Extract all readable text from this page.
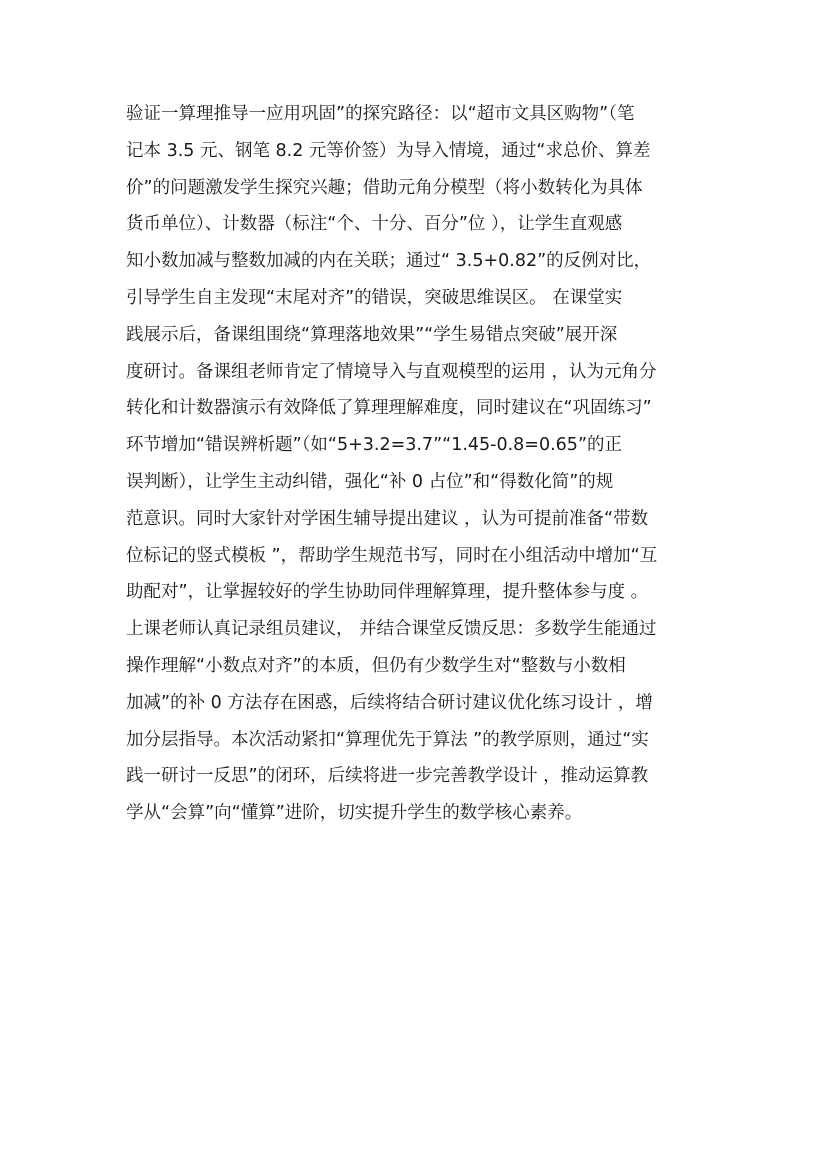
验证一算理推导一应用巩固”的探究路径：以“超市文具区购物”（笔
记本 3.5 元、钢笔 8.2 元等价签）为导入情境，通过“求总价、算差
价”的问题激发学生探究兴趣；借助元角分模型（将小数转化为具体
货币单位）、计数器（标注“个、十分、百分”位 ），让学生直观感
知小数加减与整数加减的内在关联；通过“ 3.5+0.82”的反例对比，
引导学生自主发现“末尾对齐”的错误，突破思维误区。 在课堂实
践展示后，备课组围绕“算理落地效果”“学生易错点突破”展开深
度研讨。备课组老师肯定了情境导入与直观模型的运用 ，认为元角分
转化和计数器演示有效降低了算理理解难度，同时建议在“巩固练习”
环节增加“错误辨析题”（如“5+3.2=3.7”“1.45-0.8=0.65”的正
误判断），让学生主动纠错，强化“补 0 占位”和“得数化简”的规
范意识。同时大家针对学困生辅导提出建议 ，认为可提前准备“带数
位标记的竖式模板 ”，帮助学生规范书写，同时在小组活动中增加“互
助配对”，让掌握较好的学生协助同伴理解算理，提升整体参与度 。
上课老师认真记录组员建议， 并结合课堂反馈反思：多数学生能通过
操作理解“小数点对齐”的本质，但仍有少数学生对“整数与小数相
加减”的补 0 方法存在困惑，后续将结合研讨建议优化练习设计 ，增
加分层指导。本次活动紧扣“算理优先于算法 ”的教学原则，通过“实
践一研讨一反思”的闭环，后续将进一步完善教学设计 ，推动运算教
学从“会算”向“懂算”进阶，切实提升学生的数学核心素养。
